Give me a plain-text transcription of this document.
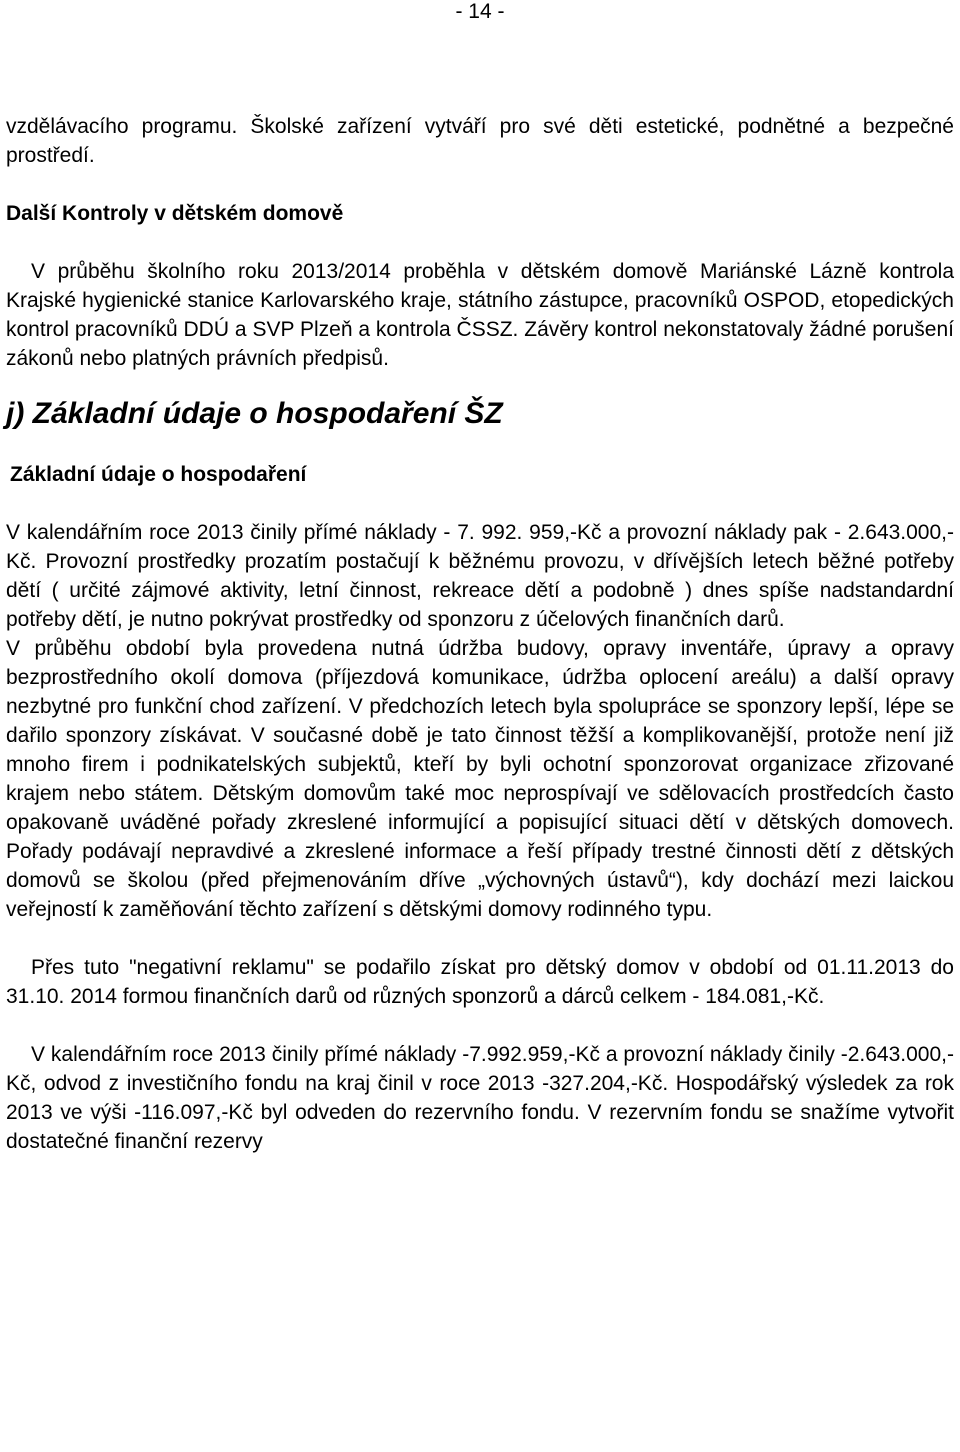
- 14 -

vzdělávacího programu. Školské zařízení vytváří pro své děti estetické, podnětné a bezpečné prostředí.

Další Kontroly v dětském domově

V průběhu školního roku 2013/2014 proběhla v dětském domově Mariánské Lázně kontrola Krajské hygienické stanice Karlovarského kraje, státního zástupce, pracovníků OSPOD, etopedických kontrol pracovníků DDÚ a SVP Plzeň a kontrola ČSSZ. Závěry kontrol nekonstatovaly žádné porušení zákonů nebo platných právních předpisů.

j) Základní údaje o hospodaření ŠZ

Základní údaje o hospodaření

V kalendářním roce 2013 činily přímé náklady - 7. 992. 959,-Kč a provozní náklady pak - 2.643.000,-Kč. Provozní prostředky prozatím postačují k běžnému provozu, v dřívějších letech běžné potřeby dětí ( určité zájmové aktivity, letní činnost, rekreace dětí a podobně ) dnes spíše nadstandardní potřeby dětí, je nutno pokrývat prostředky od sponzoru z účelových finančních darů.

V průběhu období byla provedena nutná údržba budovy, opravy inventáře, úpravy a opravy bezprostředního okolí domova (příjezdová komunikace, údržba oplocení areálu) a další opravy nezbytné pro funkční chod zařízení. V předchozích letech byla spolupráce se sponzory lepší, lépe se dařilo sponzory získávat. V současné době je tato činnost těžší a komplikovanější, protože není již mnoho firem i podnikatelských subjektů, kteří by byli ochotní sponzorovat organizace zřizované krajem nebo státem. Dětským domovům také moc neprospívají ve sdělovacích prostředcích často opakovaně uváděné pořady zkreslené informující a popisující situaci dětí v dětských domovech. Pořady podávají nepravdivé a zkreslené informace a řeší případy trestné činnosti dětí z dětských domovů se školou (před přejmenováním dříve „výchovných ústavů“), kdy dochází mezi laickou veřejností k zaměňování těchto zařízení s dětskými domovy rodinného typu.

Přes tuto "negativní reklamu" se podařilo získat pro dětský domov v období od 01.11.2013 do 31.10. 2014 formou finančních darů od různých sponzorů a dárců celkem - 184.081,-Kč.

V kalendářním roce 2013 činily přímé náklady -7.992.959,-Kč a provozní náklady činily -2.643.000,-Kč, odvod z investičního fondu na kraj činil v roce 2013 -327.204,-Kč. Hospodářský výsledek za rok 2013 ve výši -116.097,-Kč byl odveden do rezervního fondu. V rezervním fondu se snažíme vytvořit dostatečné finanční rezervy
